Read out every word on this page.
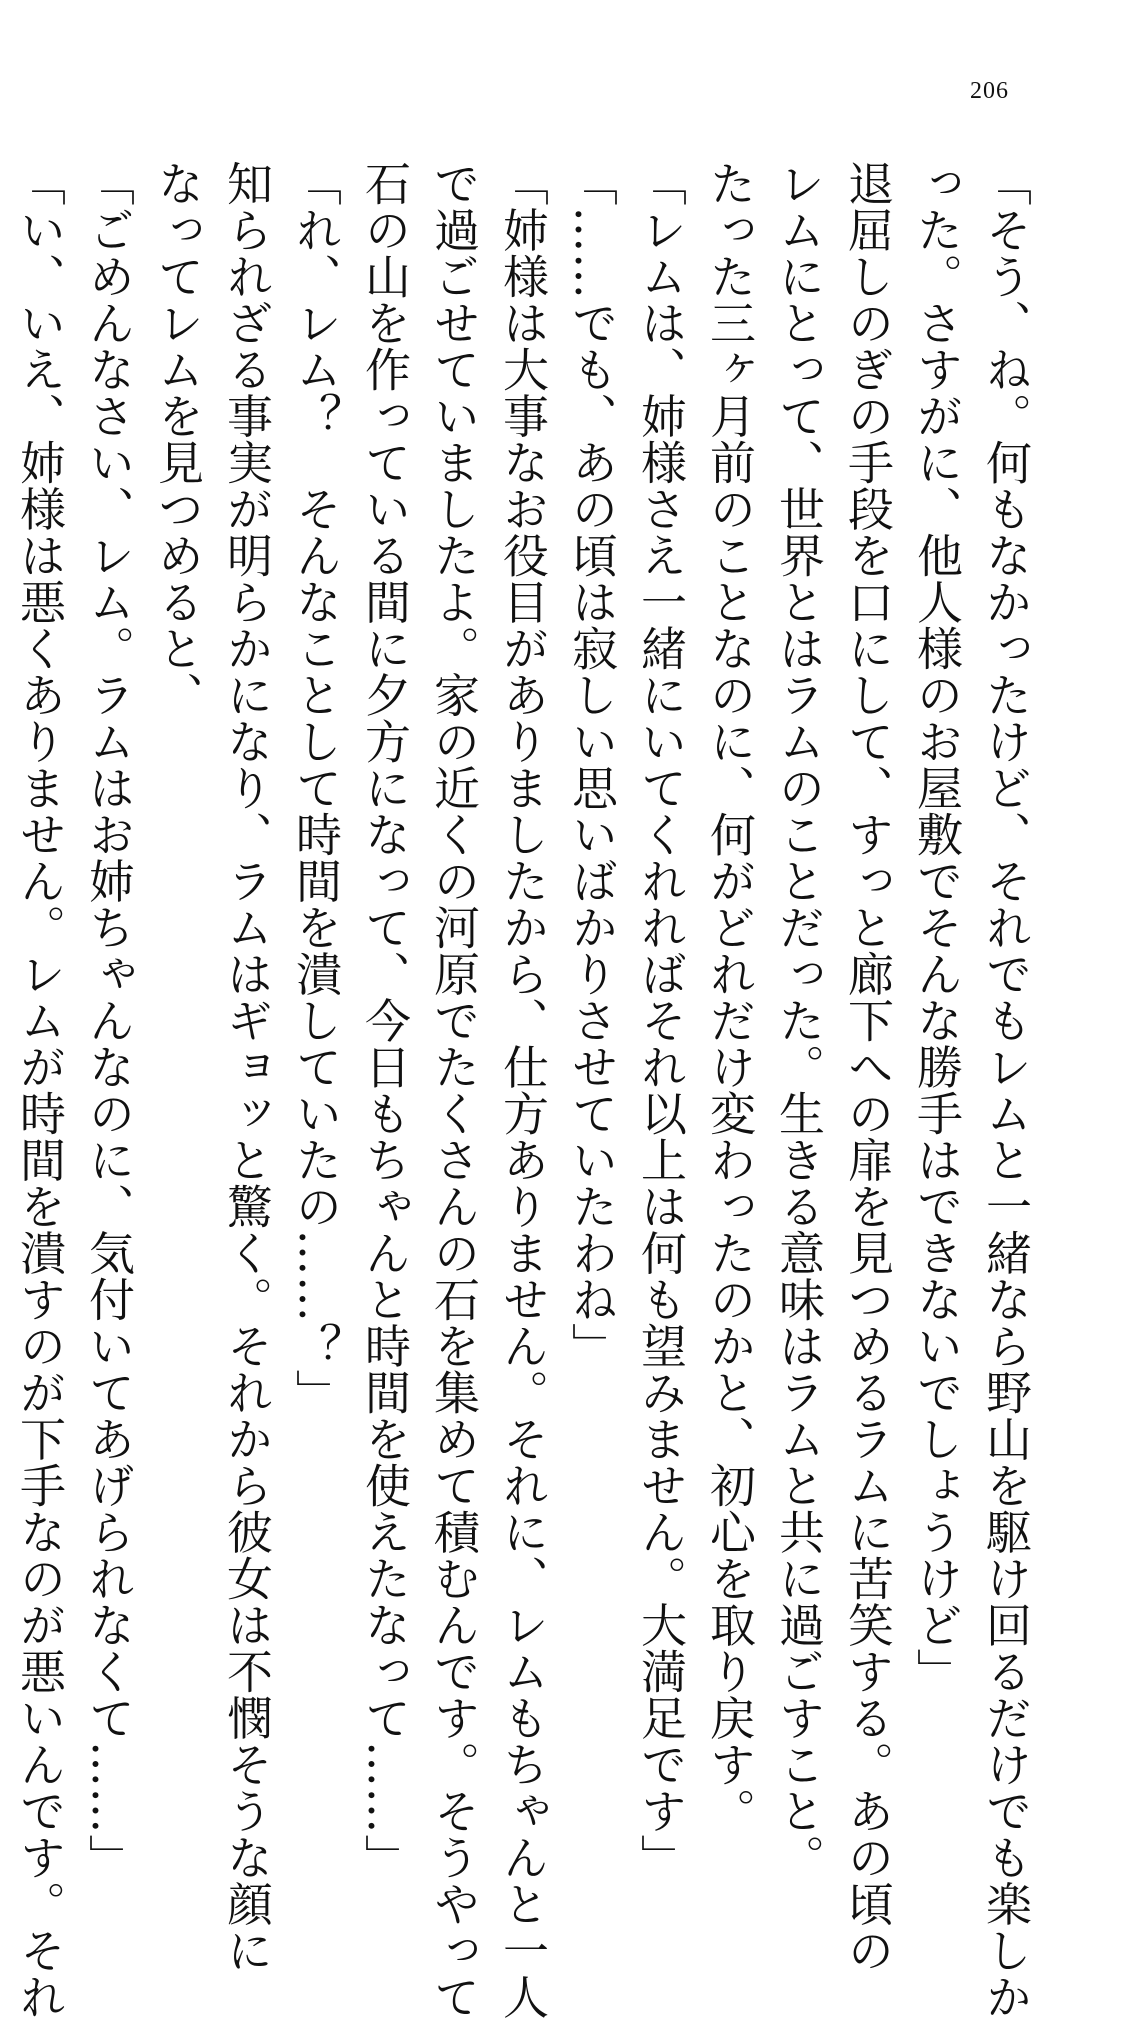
206
「そう、ね。何もなかったけど、それでもレムと一緒なら野山を駆け回るだけでも楽しか
った。さすがに、他人様のお屋敷でそんな勝手はできないでしょうけど」
退屈しのぎの手段を口にして、すっと廊下への扉を見つめるラムに苦笑する。あの頃の
レムにとって、世界とはラムのことだった。生きる意味はラムと共に過ごすこと。
たった三ヶ月前のことなのに、何がどれだけ変わったのかと、初心を取り戻す。
「レムは、姉様さえ一緒にいてくれればそれ以上は何も望みません。大満足です」
「……でも、あの頃は寂しい思いばかりさせていたわね」
「姉様は大事なお役目がありましたから、仕方ありません。それに、レムもちゃんと一人
で過ごせていましたよ。家の近くの河原でたくさんの石を集めて積むんです。そうやって
石の山を作っている間に夕方になって、今日もちゃんと時間を使えたなって……」
「れ、レム？　そんなことして時間を潰していたの……？」
知られざる事実が明らかになり、ラムはギョッと驚く。それから彼女は不憫そうな顔に
なってレムを見つめると、
「ごめんなさい、レム。ラムはお姉ちゃんなのに、気付いてあげられなくて……」
「い、いえ、姉様は悪くありません。レムが時間を潰すのが下手なのが悪いんです。それ
